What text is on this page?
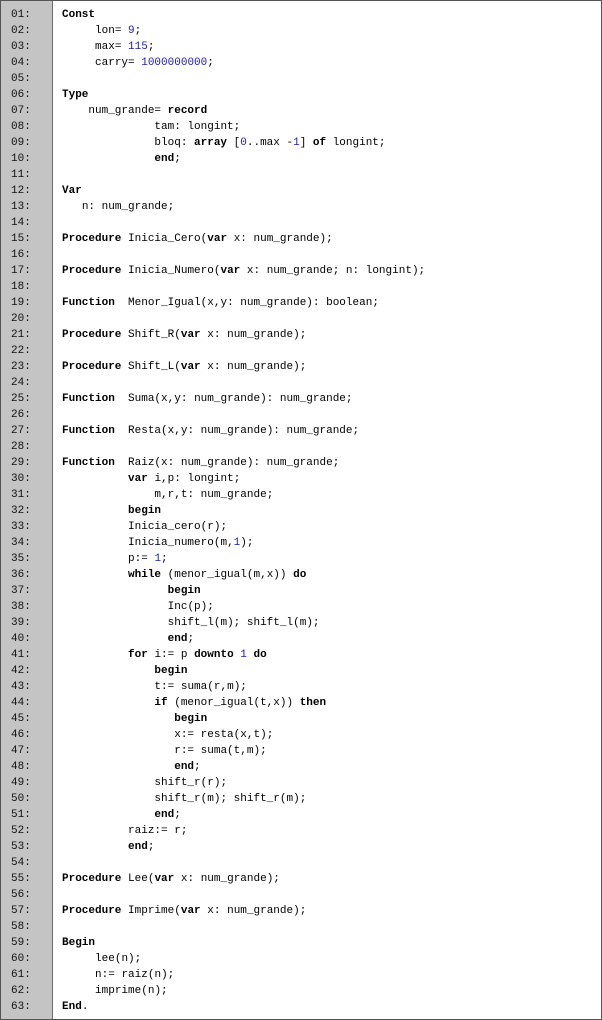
01:	Const
02:	lon= 9;
03:	max= 115;
04:	carry= 1000000000;
05:
06:	Type
07:	num_grande= record
08:	tam: longint;
09:	bloq: array [0..max -1] of longint;
10:	end;
11:
12:	Var
13:	n: num_grande;
14:
15:	Procedure Inicia_Cero(var x: num_grande);
16:
17:	Procedure Inicia_Numero(var x: num_grande; n: longint);
18:
19:	Function Menor_Igual(x,y: num_grande): boolean;
20:
21:	Procedure Shift_R(var x: num_grande);
22:
23:	Procedure Shift_L(var x: num_grande);
24:
25:	Function Suma(x,y: num_grande): num_grande;
26:
27:	Function Resta(x,y: num_grande): num_grande;
28:
29:	Function Raiz(x: num_grande): num_grande;
30:	var i,p: longint;
31:	m,r,t: num_grande;
32:	begin
33:	Inicia_cero(r);
34:	Inicia_numero(m,1);
35:	p:= 1;
36:	while (menor_igual(m,x)) do
37:	begin
38:	Inc(p);
39:	shift_l(m); shift_l(m);
40:	end;
41:	for i:= p downto 1 do
42:	begin
43:	t:= suma(r,m);
44:	if (menor_igual(t,x)) then
45:	begin
46:	x:= resta(x,t);
47:	r:= suma(t,m);
48:	end;
49:	shift_r(r);
50:	shift_r(m); shift_r(m);
51:	end;
52:	raiz:= r;
53:	end;
54:
55:	Procedure Lee(var x: num_grande);
56:
57:	Procedure Imprime(var x: num_grande);
58:
59:	Begin
60:	lee(n);
61:	n:= raiz(n);
62:	imprime(n);
63:	End.
